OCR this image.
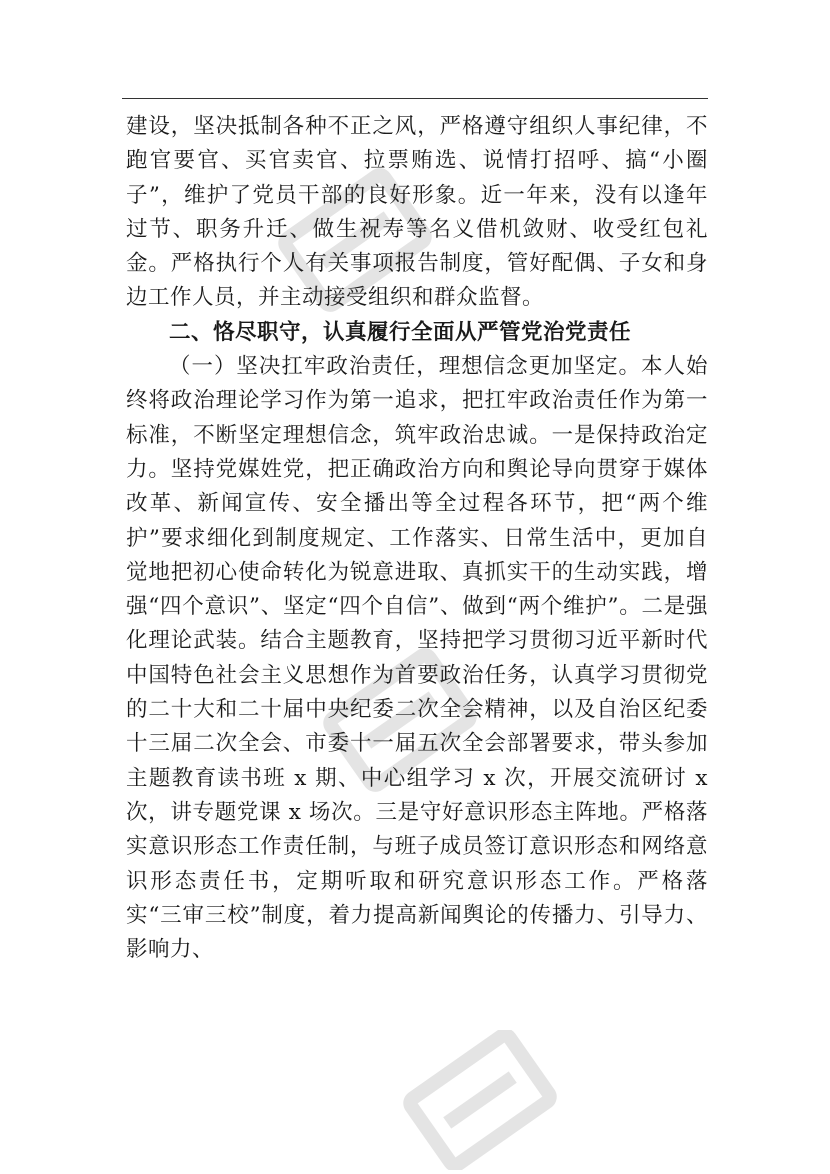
建设，坚决抵制各种不正之风，严格遵守组织人事纪律，不跑官要官、买官卖官、拉票贿选、说情打招呼、搞“小圈子”，维护了党员干部的良好形象。近一年来，没有以逢年过节、职务升迁、做生祝寿等名义借机敛财、收受红包礼金。严格执行个人有关事项报告制度，管好配偶、子女和身边工作人员，并主动接受组织和群众监督。

二、恪尽职守，认真履行全面从严管党治党责任

（一）坚决扛牢政治责任，理想信念更加坚定。本人始终将政治理论学习作为第一追求，把扛牢政治责任作为第一标准，不断坚定理想信念，筑牢政治忠诚。一是保持政治定力。坚持党媒姓党，把正确政治方向和舆论导向贯穿于媒体改革、新闻宣传、安全播出等全过程各环节，把“两个维护”要求细化到制度规定、工作落实、日常生活中，更加自觉地把初心使命转化为锐意进取、真抓实干的生动实践，增强“四个意识”、坚定“四个自信”、做到“两个维护”。二是强化理论武装。结合主题教育，坚持把学习贯彻习近平新时代中国特色社会主义思想作为首要政治任务，认真学习贯彻党的二十大和二十届中央纪委二次全会精神，以及自治区纪委十三届二次全会、市委十一届五次全会部署要求，带头参加主题教育读书班 x 期、中心组学习 x 次，开展交流研讨 x 次，讲专题党课 x 场次。三是守好意识形态主阵地。严格落实意识形态工作责任制，与班子成员签订意识形态和网络意识形态责任书，定期听取和研究意识形态工作。严格落实“三审三校”制度，着力提高新闻舆论的传播力、引导力、影响力、
